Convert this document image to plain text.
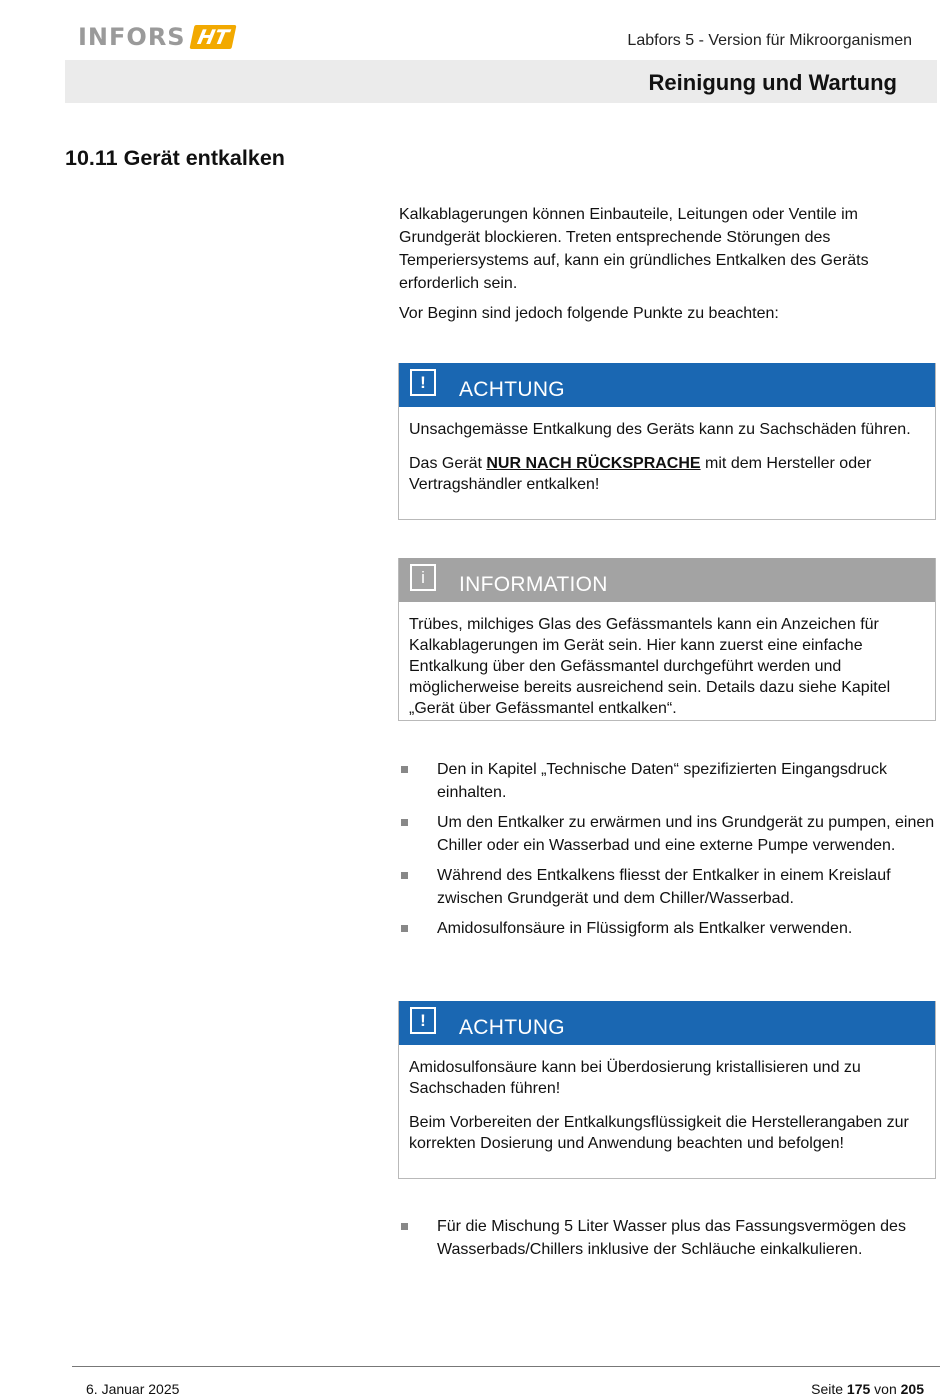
INFORS HT	Labfors 5 - Version für Mikroorganismen
Reinigung und Wartung
10.11 Gerät entkalken

Kalkablagerungen können Einbauteile, Leitungen oder Ventile im Grundgerät blockieren. Treten entsprechende Störungen des Temperiersystems auf, kann ein gründliches Entkalken des Geräts erforderlich sein.

Vor Beginn sind jedoch folgende Punkte zu beachten:

!	ACHTUNG

Unsachgemässe Entkalkung des Geräts kann zu Sachschäden führen.

Das Gerät NUR NACH RÜCKSPRACHE mit dem Hersteller oder Vertragshändler entkalken!

i	INFORMATION

Trübes, milchiges Glas des Gefässmantels kann ein Anzeichen für Kalkablagerungen im Gerät sein. Hier kann zuerst eine einfache Entkalkung über den Gefässmantel durchgeführt werden und möglicherweise bereits ausreichend sein. Details dazu siehe Kapitel „Gerät über Gefässmantel entkalken“.

Den in Kapitel „Technische Daten“ spezifizierten Eingangsdruck einhalten.
Um den Entkalker zu erwärmen und ins Grundgerät zu pumpen, einen Chiller oder ein Wasserbad und eine externe Pumpe verwenden.
Während des Entkalkens fliesst der Entkalker in einem Kreislauf zwischen Grundgerät und dem Chiller/Wasserbad.
Amidosulfonsäure in Flüssigform als Entkalker verwenden.
!	ACHTUNG

Amidosulfonsäure kann bei Überdosierung kristallisieren und zu Sachschaden führen!

Beim Vorbereiten der Entkalkungsflüssigkeit die Herstellerangaben zur korrekten Dosierung und Anwendung beachten und befolgen!

Für die Mischung 5 Liter Wasser plus das Fassungsvermögen des Wasserbads/Chillers inklusive der Schläuche einkalkulieren.
6. Januar 2025	Seite 175 von 205
